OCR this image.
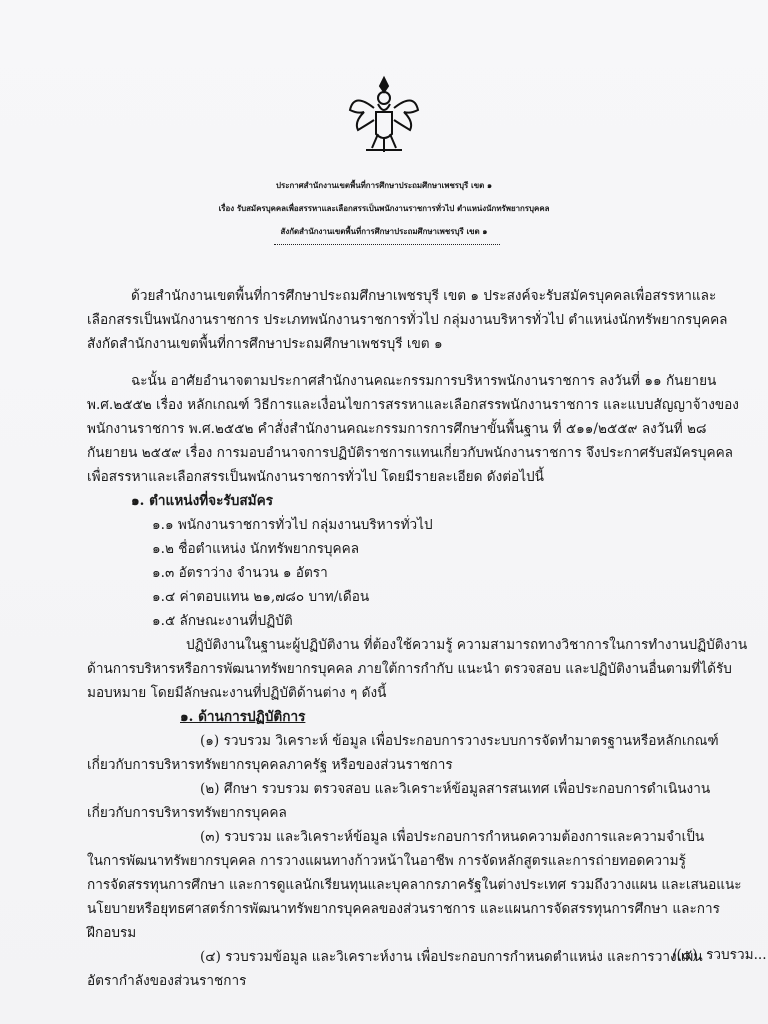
ประกาศสำนักงานเขตพื้นที่การศึกษาประถมศึกษาเพชรบุรี เขต ๑
เรื่อง รับสมัครบุคคลเพื่อสรรหาและเลือกสรรเป็นพนักงานราชการทั่วไป ตำแหน่งนักทรัพยากรบุคคล
สังกัดสำนักงานเขตพื้นที่การศึกษาประถมศึกษาเพชรบุรี เขต ๑
ด้วยสำนักงานเขตพื้นที่การศึกษาประถมศึกษาเพชรบุรี เขต ๑ ประสงค์จะรับสมัครบุคคลเพื่อสรรหาและ
เลือกสรรเป็นพนักงานราชการ ประเภทพนักงานราชการทั่วไป กลุ่มงานบริหารทั่วไป ตำแหน่งนักทรัพยากรบุคคล
สังกัดสำนักงานเขตพื้นที่การศึกษาประถมศึกษาเพชรบุรี เขต ๑
ฉะนั้น อาศัยอำนาจตามประกาศสำนักงานคณะกรรมการบริหารพนักงานราชการ ลงวันที่ ๑๑ กันยายน
พ.ศ.๒๕๕๒ เรื่อง หลักเกณฑ์ วิธีการและเงื่อนไขการสรรหาและเลือกสรรพนักงานราชการ และแบบสัญญาจ้างของ
พนักงานราชการ พ.ศ.๒๕๕๒ คำสั่งสำนักงานคณะกรรมการการศึกษาขั้นพื้นฐาน ที่ ๕๑๑/๒๕๕๙ ลงวันที่ ๒๘
กันยายน ๒๕๕๙ เรื่อง การมอบอำนาจการปฏิบัติราชการแทนเกี่ยวกับพนักงานราชการ จึงประกาศรับสมัครบุคคล
เพื่อสรรหาและเลือกสรรเป็นพนักงานราชการทั่วไป โดยมีรายละเอียด ดังต่อไปนี้
๑. ตำแหน่งที่จะรับสมัคร
๑.๑ พนักงานราชการทั่วไป กลุ่มงานบริหารทั่วไป
๑.๒ ชื่อตำแหน่ง นักทรัพยากรบุคคล
๑.๓ อัตราว่าง จำนวน ๑ อัตรา
๑.๔ ค่าตอบแทน ๒๑,๗๘๐ บาท/เดือน
๑.๕ ลักษณะงานที่ปฏิบัติ
ปฏิบัติงานในฐานะผู้ปฏิบัติงาน ที่ต้องใช้ความรู้ ความสามารถทางวิชาการในการทำงานปฏิบัติงาน
ด้านการบริหารหรือการพัฒนาทรัพยากรบุคคล ภายใต้การกำกับ แนะนำ ตรวจสอบ และปฏิบัติงานอื่นตามที่ได้รับ
มอบหมาย โดยมีลักษณะงานที่ปฏิบัติด้านต่าง ๆ ดังนี้
๑. ด้านการปฏิบัติการ
(๑) รวบรวม วิเคราะห์ ข้อมูล เพื่อประกอบการวางระบบการจัดทำมาตรฐานหรือหลักเกณฑ์
เกี่ยวกับการบริหารทรัพยากรบุคคลภาครัฐ หรือของส่วนราชการ
(๒) ศึกษา รวบรวม ตรวจสอบ และวิเคราะห์ข้อมูลสารสนเทศ เพื่อประกอบการดำเนินงาน
เกี่ยวกับการบริหารทรัพยากรบุคคล
(๓) รวบรวม และวิเคราะห์ข้อมูล เพื่อประกอบการกำหนดความต้องการและความจำเป็น
ในการพัฒนาทรัพยากรบุคคล การวางแผนทางก้าวหน้าในอาชีพ การจัดหลักสูตรและการถ่ายทอดความรู้
การจัดสรรทุนการศึกษา และการดูแลนักเรียนทุนและบุคลากรภาครัฐในต่างประเทศ รวมถึงวางแผน และเสนอแนะ
นโยบายหรือยุทธศาสตร์การพัฒนาทรัพยากรบุคคลของส่วนราชการ และแผนการจัดสรรทุนการศึกษา และการ
ฝึกอบรม
(๔) รวบรวมข้อมูล และวิเคราะห์งาน เพื่อประกอบการกำหนดตำแหน่ง และการวางแผน
อัตรากำลังของส่วนราชการ
/(๕). รวบรวม...
